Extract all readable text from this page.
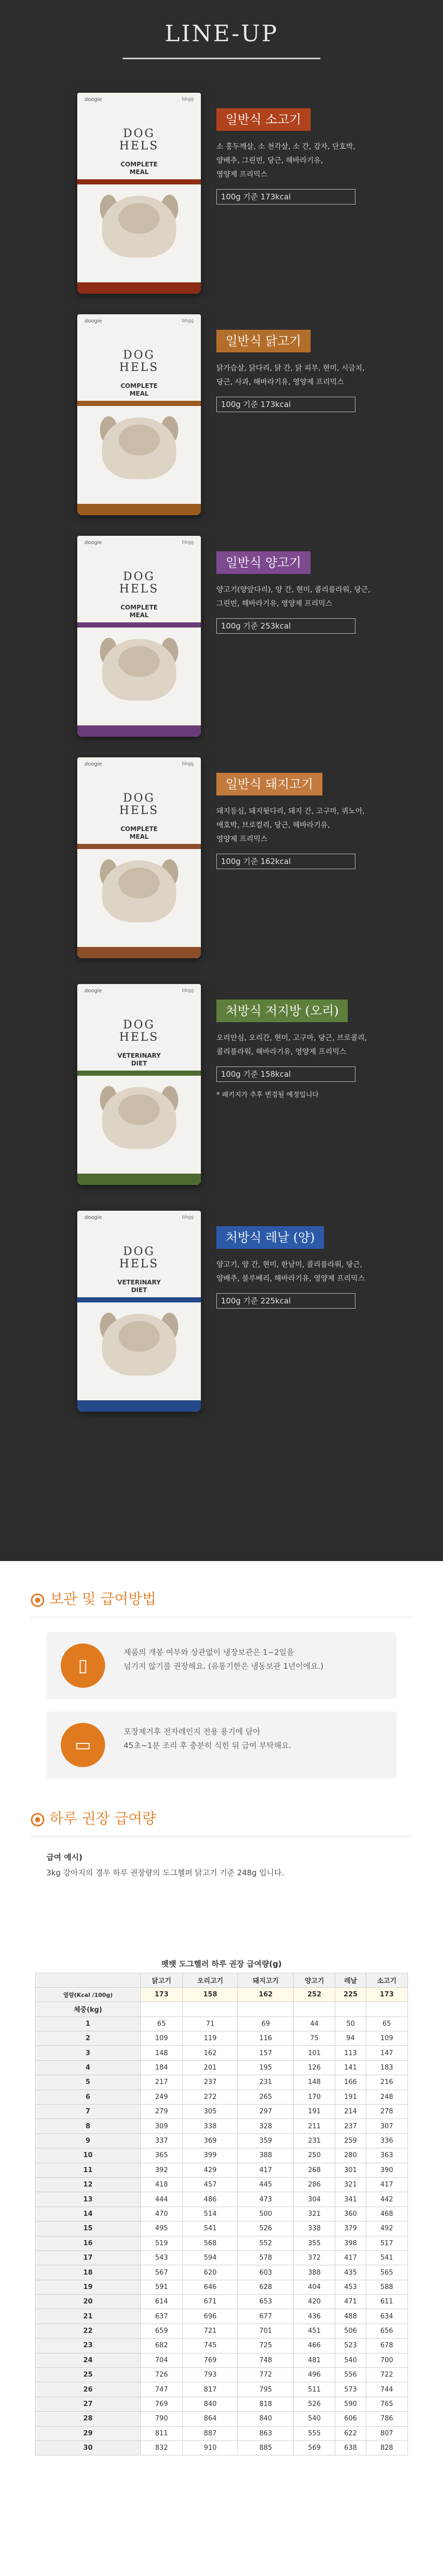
LINE-UP
doogie	bbgg
DOG
HELS
COMPLETE
MEAL
일반식 소고기
소 홍두깨살, 소 천각살, 소 간, 감자, 단호박,
양배추, 그린빈, 당근, 해바라기유,
영양제 프리믹스
100g 기준 173kcal
doogie	bbgg
DOG
HELS
COMPLETE
MEAL
일반식 닭고기
닭가슴살, 닭다리, 닭 간, 닭 피부, 현미, 시금치,
당근, 사과, 해바라기유, 영양제 프리믹스
100g 기준 173kcal
doogie	bbgg
DOG
HELS
COMPLETE
MEAL
일반식 양고기
양고기(양앞다리), 양 간, 현미, 콜리플라워, 당근,
그린빈, 해바라기유, 영양제 프리믹스
100g 기준 253kcal
doogie	bbgg
DOG
HELS
COMPLETE
MEAL
일반식 돼지고기
돼지등심, 돼지뒷다리, 돼지 간, 고구마, 퀴노아,
애호박, 브로컬리, 당근, 해바라기유,
영양제 프리믹스
100g 기준 162kcal
doogie	bbgg
DOG
HELS
VETERINARY
DIET
처방식 저지방 (오리)
오리안심, 오리간, 현미, 고구마, 당근, 브로콜리,
콜리플라워, 해바라기유, 영양제 프리믹스
100g 기준 158kcal
* 패키지가 추후 변경될 예정입니다
doogie	bbgg
DOG
HELS
VETERINARY
DIET
처방식 레날 (양)
양고기, 양 간, 현미, 한남미, 콜리플라워, 당근,
양배추, 블루베리, 해바라기유, 영양제 프리믹스
100g 기준 225kcal
보관 및 급여방법
▯
제품의 개봉 여부와 상관없이 냉장보관은 1~2일을
넘기지 않기를 권장해요. (유통기한은 냉동보관 1년이에요.)
▭
포장제거후 전자레인지 전용 용기에 담아
45초~1분 조리 후 충분히 식힌 뒤 급여 부탁해요.
하루 권장 급여량
급여 예시)
3kg 강아지의 경우 하루 권장량의 도그헬퍼 닭고기 기준 248g 입니다.
펫뱃 도그헬러 하루 권장 급여량(g)						
	닭고기	오리고기	돼지고기	양고기	레날	소고기
열량(Kcal /100g)	173	158	162	252	225	173
체중(kg)						
1	65	71	69	44	50	65
2	109	119	116	75	94	109
3	148	162	157	101	113	147
4	184	201	195	126	141	183
5	217	237	231	148	166	216
6	249	272	265	170	191	248
7	279	305	297	191	214	278
8	309	338	328	211	237	307
9	337	369	359	231	259	336
10	365	399	388	250	280	363
11	392	429	417	268	301	390
12	418	457	445	286	321	417
13	444	486	473	304	341	442
14	470	514	500	321	360	468
15	495	541	526	338	379	492
16	519	568	552	355	398	517
17	543	594	578	372	417	541
18	567	620	603	388	435	565
19	591	646	628	404	453	588
20	614	671	653	420	471	611
21	637	696	677	436	488	634
22	659	721	701	451	506	656
23	682	745	725	466	523	678
24	704	769	748	481	540	700
25	726	793	772	496	556	722
26	747	817	795	511	573	744
27	769	840	818	526	590	765
28	790	864	840	540	606	786
29	811	887	863	555	622	807
30	832	910	885	569	638	828
